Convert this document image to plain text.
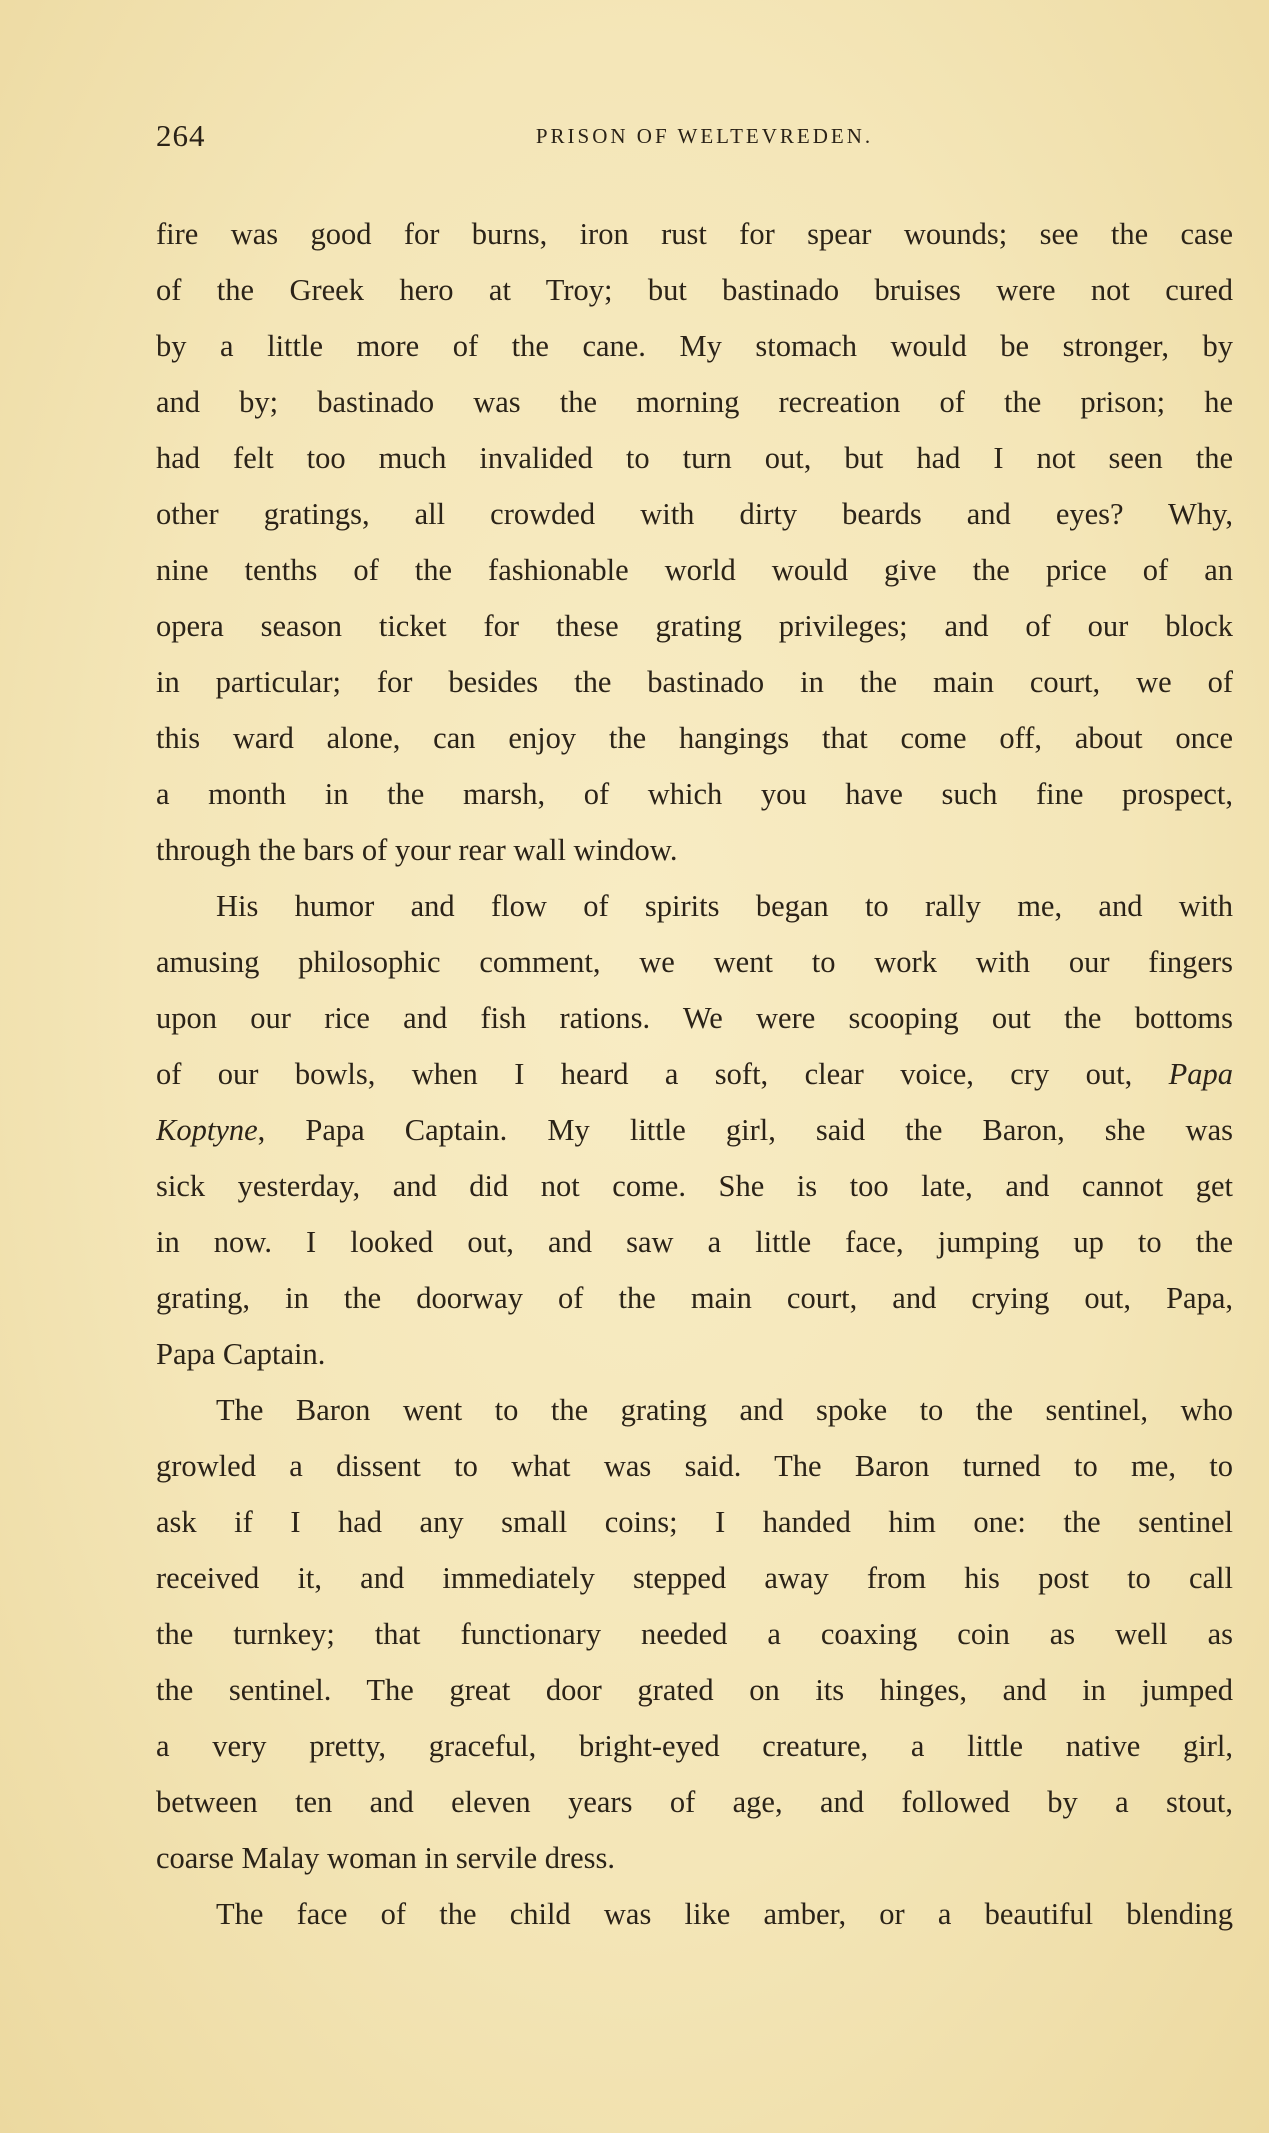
264	PRISON OF WELTEVREDEN.
fire was good for burns, iron rust for spear wounds; see the case
of the Greek hero at Troy; but bastinado bruises were not cured
by a little more of the cane. My stomach would be stronger, by
and by; bastinado was the morning recreation of the prison; he
had felt too much invalided to turn out, but had I not seen the
other gratings, all crowded with dirty beards and eyes? Why,
nine tenths of the fashionable world would give the price of an
opera season ticket for these grating privileges; and of our block
in particular; for besides the bastinado in the main court, we of
this ward alone, can enjoy the hangings that come off, about once
a month in the marsh, of which you have such fine prospect,
through the bars of your rear wall window.
His humor and flow of spirits began to rally me, and with
amusing philosophic comment, we went to work with our fingers
upon our rice and fish rations. We were scooping out the bottoms
of our bowls, when I heard a soft, clear voice, cry out, Papa
Koptyne, Papa Captain. My little girl, said the Baron, she was
sick yesterday, and did not come. She is too late, and cannot get
in now. I looked out, and saw a little face, jumping up to the
grating, in the doorway of the main court, and crying out, Papa,
Papa Captain.
The Baron went to the grating and spoke to the sentinel, who
growled a dissent to what was said. The Baron turned to me, to
ask if I had any small coins; I handed him one: the sentinel
received it, and immediately stepped away from his post to call
the turnkey; that functionary needed a coaxing coin as well as
the sentinel. The great door grated on its hinges, and in jumped
a very pretty, graceful, bright-eyed creature, a little native girl,
between ten and eleven years of age, and followed by a stout,
coarse Malay woman in servile dress.
The face of the child was like amber, or a beautiful blending
